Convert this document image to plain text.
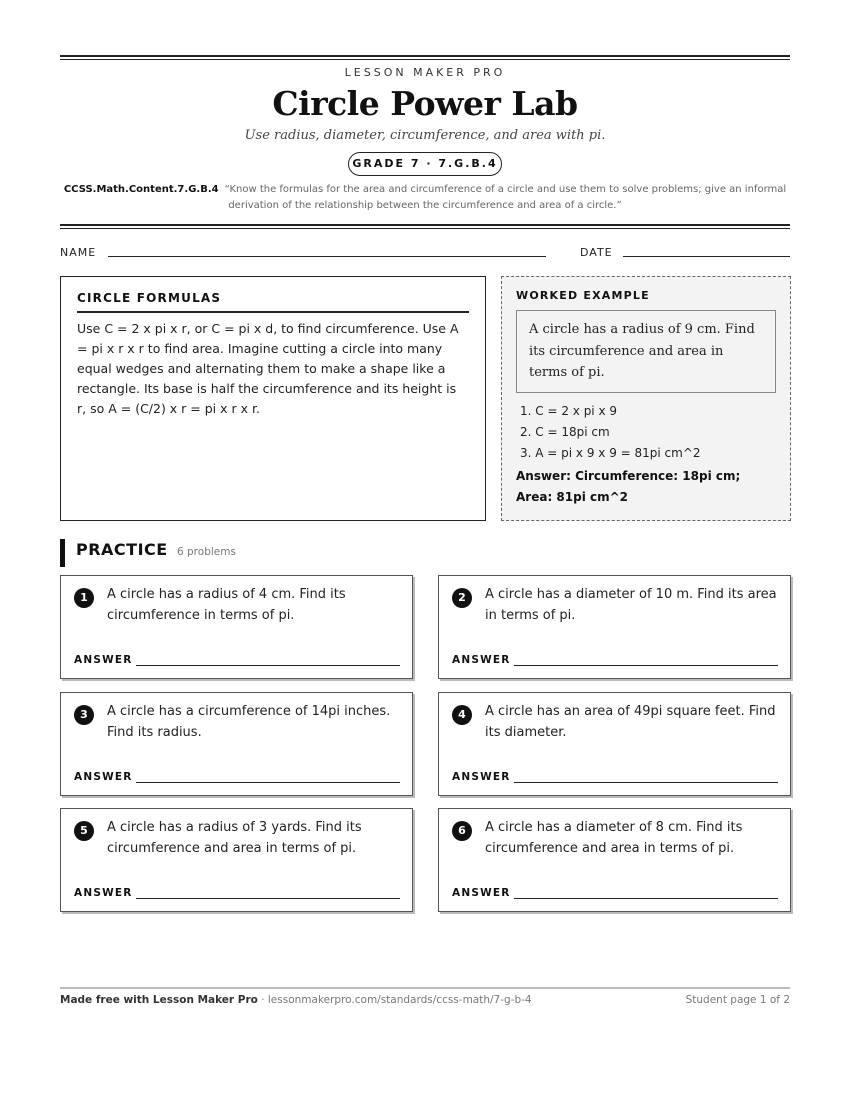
LESSON MAKER PRO
Circle Power Lab
Use radius, diameter, circumference, and area with pi.
GRADE 7 · 7.G.B.4
CCSS.Math.Content.7.G.B.4 “Know the formulas for the area and circumference of a circle and use them to solve problems; give an informal derivation of the relationship between the circumference and area of a circle.”
NAME	DATE
CIRCLE FORMULAS
Use C = 2 x pi x r, or C = pi x d, to find circumference. Use A = pi x r x r to find area. Imagine cutting a circle into many equal wedges and alternating them to make a shape like a rectangle. Its base is half the circumference and its height is r, so A = (C/2) x r = pi x r x r.
WORKED EXAMPLE
A circle has a radius of 9 cm. Find its circumference and area in terms of pi.
1. C = 2 x pi x 9
2. C = 18pi cm
3. A = pi x 9 x 9 = 81pi cm^2
Answer: Circumference: 18pi cm; Area: 81pi cm^2
PRACTICE 6 problems
1	A circle has a radius of 4 cm. Find its circumference in terms of pi.
ANSWER
2	A circle has a diameter of 10 m. Find its area in terms of pi.
ANSWER
3	A circle has a circumference of 14pi inches. Find its radius.
ANSWER
4	A circle has an area of 49pi square feet. Find its diameter.
ANSWER
5	A circle has a radius of 3 yards. Find its circumference and area in terms of pi.
ANSWER
6	A circle has a diameter of 8 cm. Find its circumference and area in terms of pi.
ANSWER
Made free with Lesson Maker Pro · lessonmakerpro.com/standards/ccss-math/7-g-b-4	Student page 1 of 2
